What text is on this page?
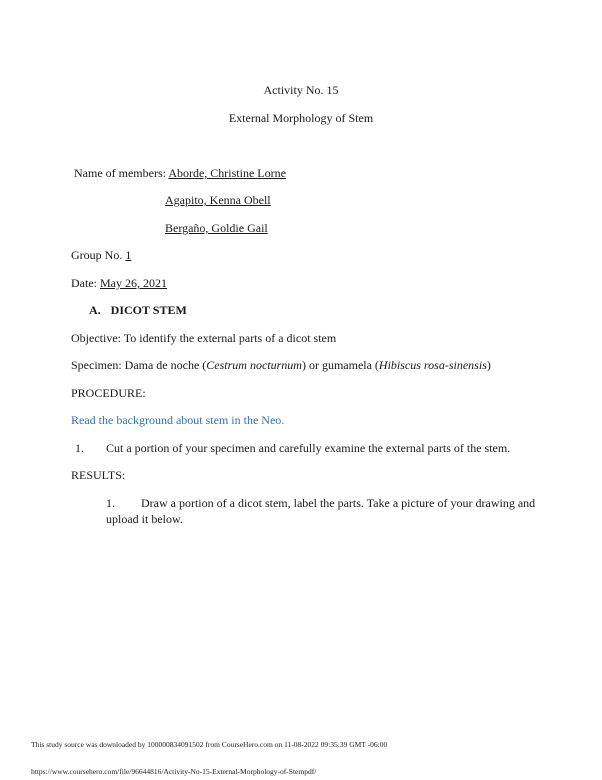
Activity No. 15
External Morphology of Stem
Name of members: Aborde, Christine Lorne
Agapito, Kenna Obell
Bergaño, Goldie Gail
Group No. 1
Date: May 26, 2021
A. DICOT STEM
Objective: To identify the external parts of a dicot stem
Specimen: Dama de noche (Cestrum nocturnum) or gumamela (Hibiscus rosa-sinensis)
PROCEDURE:
Read the background about stem in the Neo.
1. Cut a portion of your specimen and carefully examine the external parts of the stem.
RESULTS:
1. Draw a portion of a dicot stem, label the parts. Take a picture of your drawing and
upload it below.
This study source was downloaded by 100000834091502 from CourseHero.com on 11-08-2022 09:35:39 GMT -06:00
https://www.coursehero.com/file/96644816/Activity-No-15-External-Morphology-of-Stempdf/
